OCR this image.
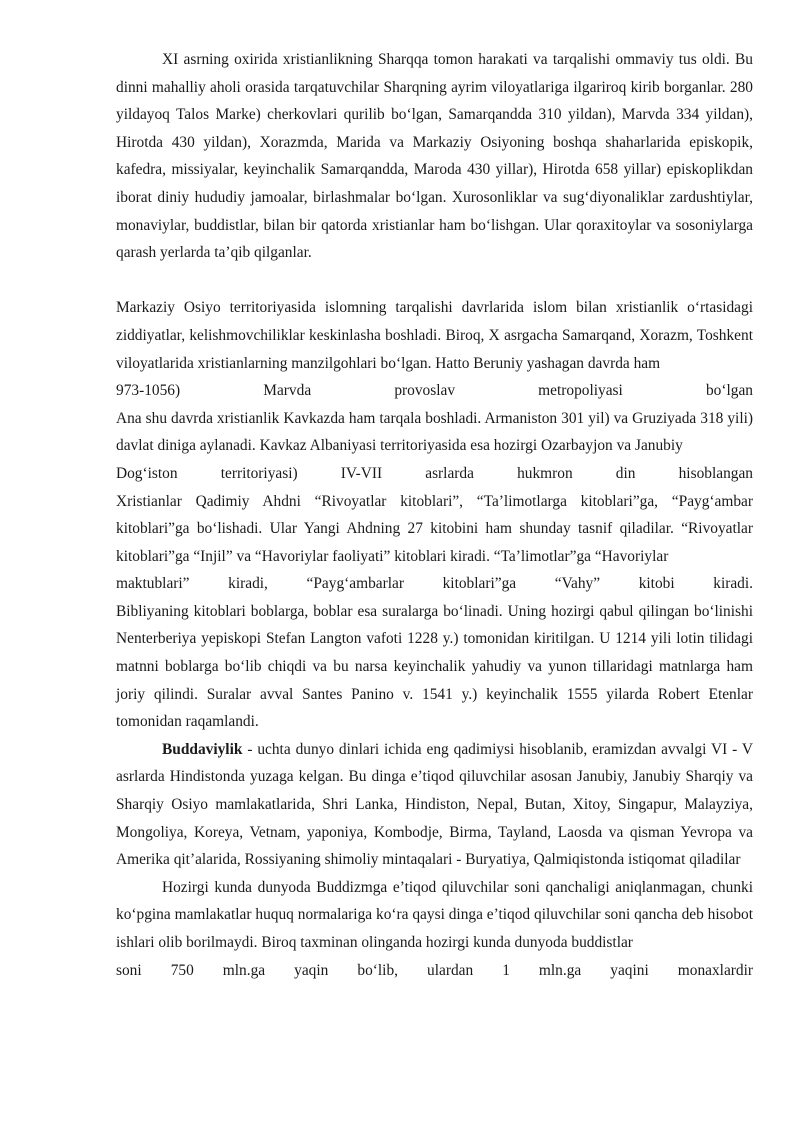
XI asrning oxirida xristianlikning Sharqqa tomon harakati va tarqalishi ommaviy tus oldi. Bu dinni mahalliy aholi orasida tarqatuvchilar Sharqning ayrim viloyatlariga ilgariroq kirib borganlar. 280 yildayoq Talos Marke) cherkovlari qurilib bo‘lgan, Samarqandda 310 yildan), Marvda 334 yildan), Hirotda 430 yildan), Xorazmda, Marida va Markaziy Osiyoning boshqa shaharlarida episkopik, kafedra, missiyalar, keyinchalik Samarqandda, Maroda 430 yillar), Hirotda 658 yillar) episkoplikdan iborat diniy hududiy jamoalar, birlashmalar bo‘lgan. Xurosonliklar va sug‘diyonaliklar zardushtiylar, monaviylar, buddistlar, bilan bir qatorda xristianlar ham bo‘lishgan. Ular qoraxitoylar va sosoniylarga qarash yerlarda ta’qib qilganlar.

Markaziy Osiyo territoriyasida islomning tarqalishi davrlarida islom bilan xristianlik o‘rtasidagi ziddiyatlar, kelishmovchiliklar keskinlasha boshladi. Biroq, X asrgacha Samarqand, Xorazm, Toshkent viloyatlarida xristianlarning manzilgohlari bo‘lgan. Hatto Beruniy yashagan davrda ham
973-1056) Marvda provoslav metropoliyasi bo‘lgan

Ana shu davrda xristianlik Kavkazda ham tarqala boshladi. Armaniston 301 yil) va Gruziyada 318 yili) davlat diniga aylanadi. Kavkaz Albaniyasi territoriyasida esa hozirgi Ozarbayjon va Janubiy
Dog‘iston territoriyasi) IV-VII asrlarda hukmron din hisoblangan

Xristianlar Qadimiy Ahdni “Rivoyatlar kitoblari”, “Ta’limotlarga kitoblari”ga, “Payg‘ambar kitoblari”ga bo‘lishadi. Ular Yangi Ahdning 27 kitobini ham shunday tasnif qiladilar. “Rivoyatlar kitoblari”ga “Injil” va “Havoriylar faoliyati” kitoblari kiradi. “Ta’limotlar”ga “Havoriylar
maktublari” kiradi, “Payg‘ambarlar kitoblari”ga “Vahy” kitobi kiradi.

Bibliyaning kitoblari boblarga, boblar esa suralarga bo‘linadi. Uning hozirgi qabul qilingan bo‘linishi Nenterberiya yepiskopi Stefan Langton vafoti 1228 y.) tomonidan kiritilgan. U 1214 yili lotin tilidagi matnni boblarga bo‘lib chiqdi va bu narsa keyinchalik yahudiy va yunon tillaridagi matnlarga ham joriy qilindi. Suralar avval Santes Panino v. 1541 y.) keyinchalik 1555 yilarda Robert Etenlar tomonidan raqamlandi.

Buddaviylik - uchta dunyo dinlari ichida eng qadimiysi hisoblanib, eramizdan avvalgi VI - V asrlarda Hindistonda yuzaga kelgan. Bu dinga e’tiqod qiluvchilar asosan Janubiy, Janubiy Sharqiy va Sharqiy Osiyo mamlakatlarida, Shri Lanka, Hindiston, Nepal, Butan, Xitoy, Singapur, Malayziya, Mongoliya, Koreya, Vetnam, yaponiya, Kombodje, Birma, Tayland, Laosda va qisman Yevropa va Amerika qit’alarida, Rossiyaning shimoliy mintaqalari - Buryatiya, Qalmiqistonda istiqomat qiladilar

Hozirgi kunda dunyoda Buddizmga e’tiqod qiluvchilar soni qanchaligi aniqlanmagan, chunki ko‘pgina mamlakatlar huquq normalariga ko‘ra qaysi dinga e’tiqod qiluvchilar soni qancha deb hisobot ishlari olib borilmaydi. Biroq taxminan olinganda hozirgi kunda dunyoda buddistlar
soni 750 mln.ga yaqin bo‘lib, ulardan 1 mln.ga yaqini monaxlardir
